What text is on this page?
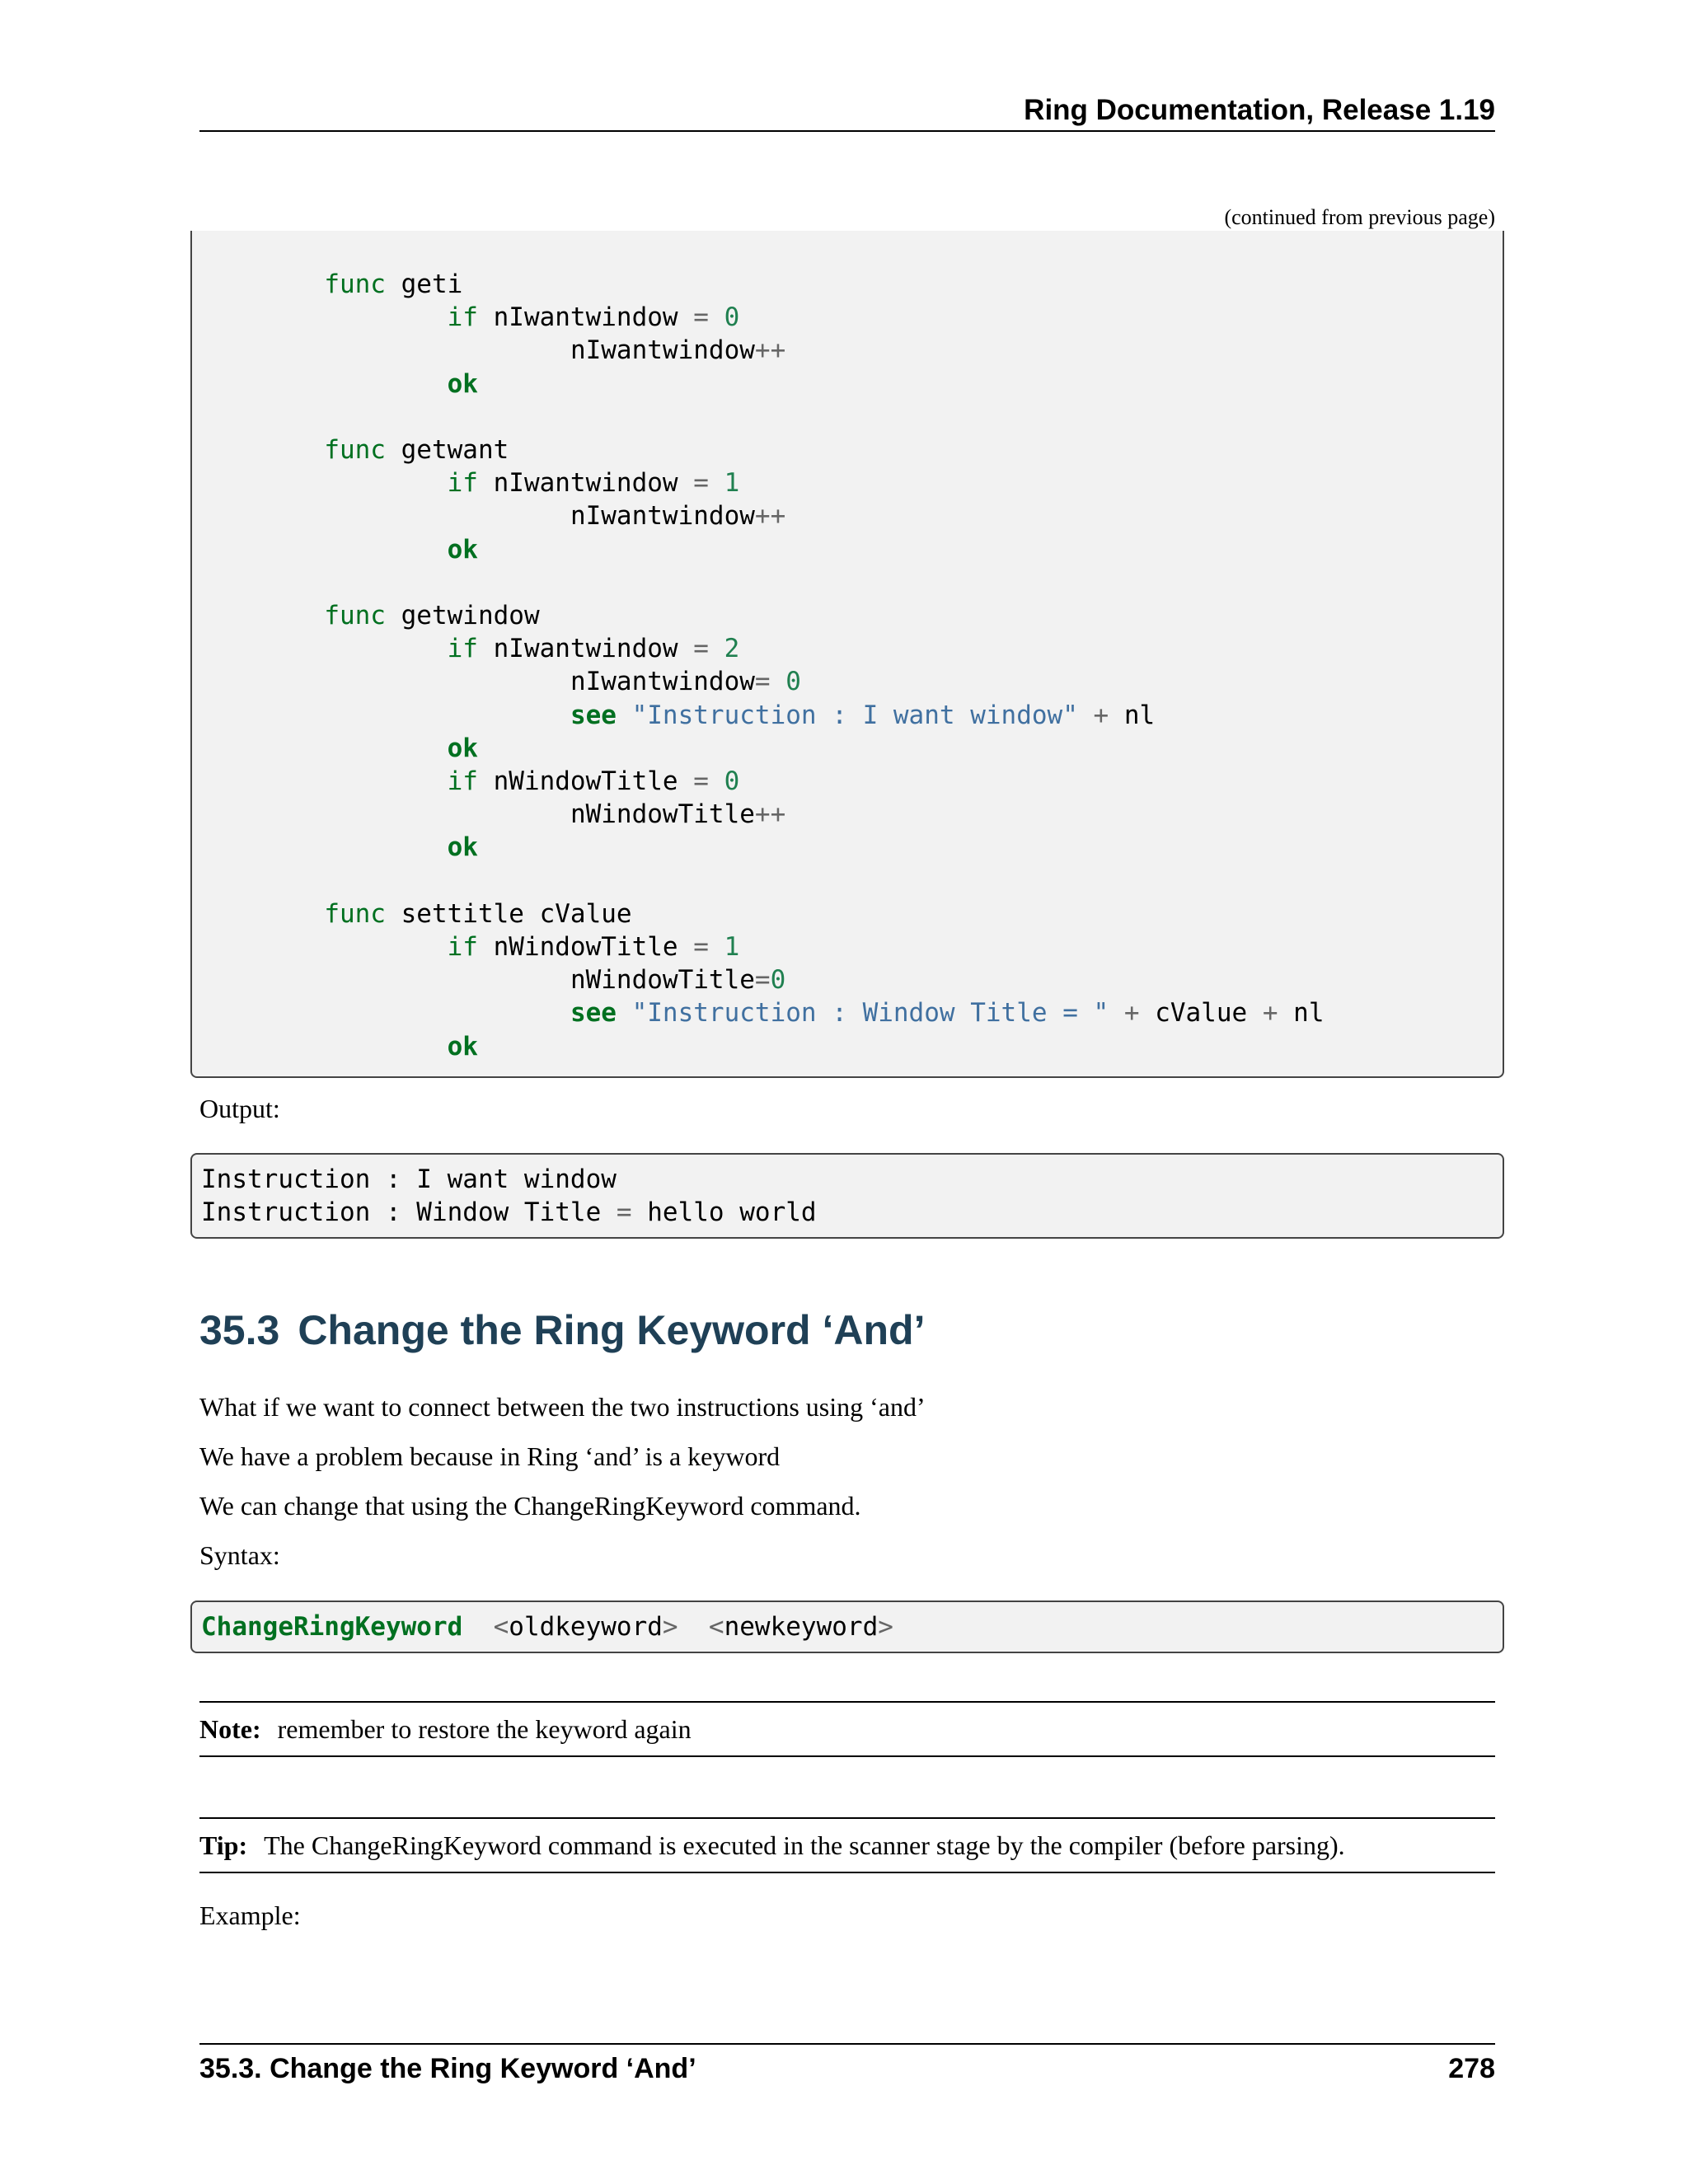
Ring Documentation, Release 1.19
(continued from previous page)
func geti
if nIwantwindow = 0
nIwantwindow++
ok

func getwant
if nIwantwindow = 1
nIwantwindow++
ok

func getwindow
if nIwantwindow = 2
nIwantwindow= 0
see "Instruction : I want window" + nl
ok
if nWindowTitle = 0
nWindowTitle++
ok

func settitle cValue
if nWindowTitle = 1
nWindowTitle=0
see "Instruction : Window Title = " + cValue + nl
ok
Output:
Instruction : I want window
Instruction : Window Title = hello world
35.3 Change the Ring Keyword ‘And’
What if we want to connect between the two instructions using ‘and’
We have a problem because in Ring ‘and’ is a keyword
We can change that using the ChangeRingKeyword command.
Syntax:
ChangeRingKeyword <oldkeyword> <newkeyword>
Note: remember to restore the keyword again
Tip: The ChangeRingKeyword command is executed in the scanner stage by the compiler (before parsing).
Example:
35.3. Change the Ring Keyword ‘And’	278
